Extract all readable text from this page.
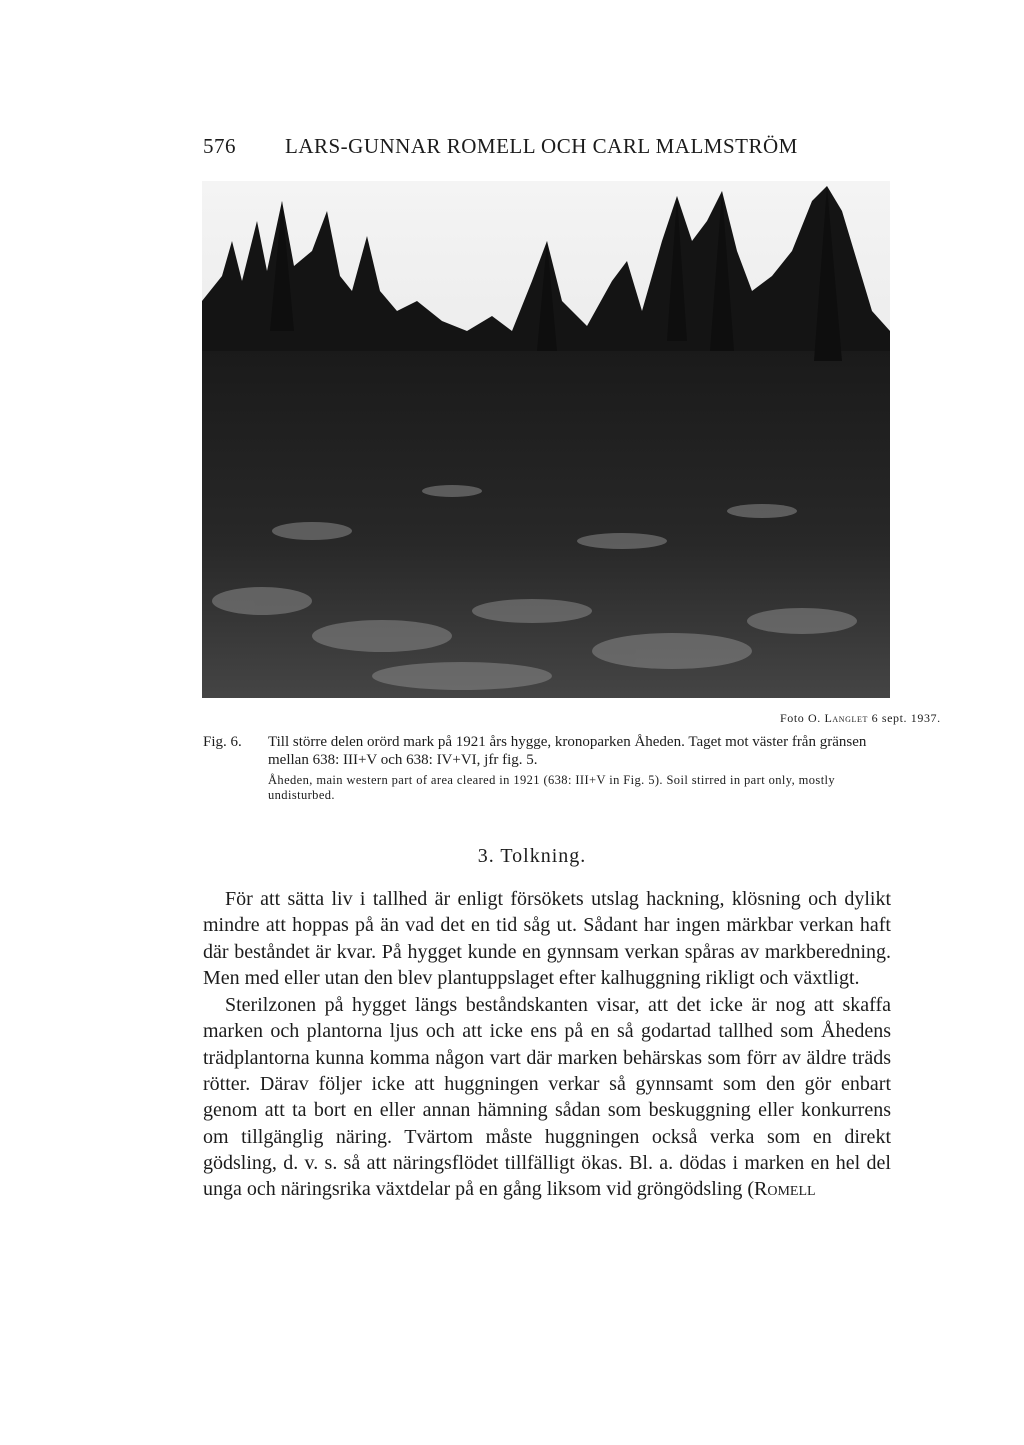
576 LARS-GUNNAR ROMELL OCH CARL MALMSTRÖM
Foto O. Langlet 6 sept. 1937.
Fig. 6.	Till större delen orörd mark på 1921 års hygge, kronoparken Åheden. Taget mot väster från gränsen mellan 638: III+V och 638: IV+VI, jfr fig. 5.
Åheden, main western part of area cleared in 1921 (638: III+V in Fig. 5). Soil stirred in part only, mostly undisturbed.
3. Tolkning.

För att sätta liv i tallhed är enligt försökets utslag hackning, klösning och dylikt mindre att hoppas på än vad det en tid såg ut. Sådant har ingen märkbar verkan haft där beståndet är kvar. På hygget kunde en gynnsam verkan spåras av markberedning. Men med eller utan den blev plantuppslaget efter kalhuggning rikligt och växtligt.

Sterilzonen på hygget längs beståndskanten visar, att det icke är nog att skaffa marken och plantorna ljus och att icke ens på en så godartad tallhed som Åhedens trädplantorna kunna komma någon vart där marken behärskas som förr av äldre träds rötter. Därav följer icke att huggningen verkar så gynnsamt som den gör enbart genom att ta bort en eller annan hämning sådan som beskuggning eller konkurrens om tillgänglig näring. Tvärtom måste huggningen också verka som en direkt gödsling, d. v. s. så att näringsflödet tillfälligt ökas. Bl. a. dödas i marken en hel del unga och näringsrika växtdelar på en gång liksom vid gröngödsling (Romell
